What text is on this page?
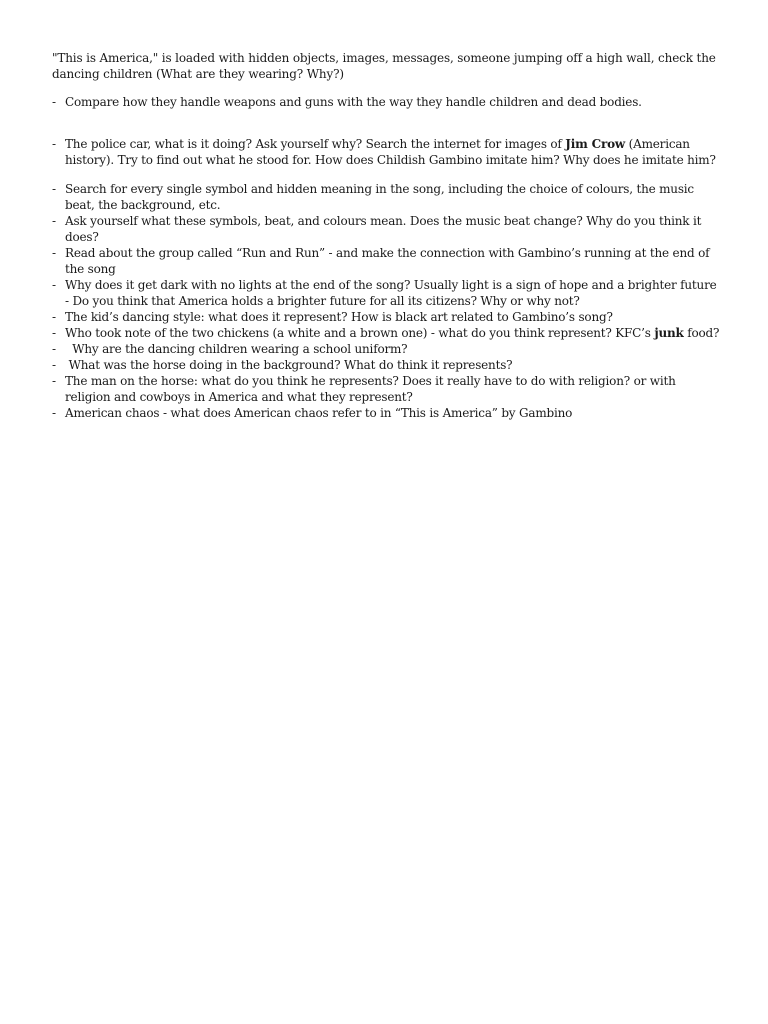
"This is America," is loaded with hidden objects, images, messages, someone jumping off a high wall, check the dancing children (What are they wearing? Why?)

- Compare how they handle weapons and guns with the way they handle children and dead bodies.
- The police car, what is it doing? Ask yourself why? Search the internet for images of Jim Crow (American history). Try to find out what he stood for. How does Childish Gambino imitate him? Why does he imitate him?
- Search for every single symbol and hidden meaning in the song, including the choice of colours, the music beat, the background, etc.
- Ask yourself what these symbols, beat, and colours mean. Does the music beat change? Why do you think it does?
- Read about the group called “Run and Run” - and make the connection with Gambino’s running at the end of the song
- Why does it get dark with no lights at the end of the song? Usually light is a sign of hope and a brighter future - Do you think that America holds a brighter future for all its citizens? Why or why not?
- The kid’s dancing style: what does it represent? How is black art related to Gambino’s song?
- Who took note of the two chickens (a white and a brown one) - what do you think represent? KFC’s junk food?
- Why are the dancing children wearing a school uniform?
- What was the horse doing in the background? What do think it represents?
- The man on the horse: what do you think he represents? Does it really have to do with religion? or with religion and cowboys in America and what they represent?
- American chaos - what does American chaos refer to in “This is America” by Gambino
